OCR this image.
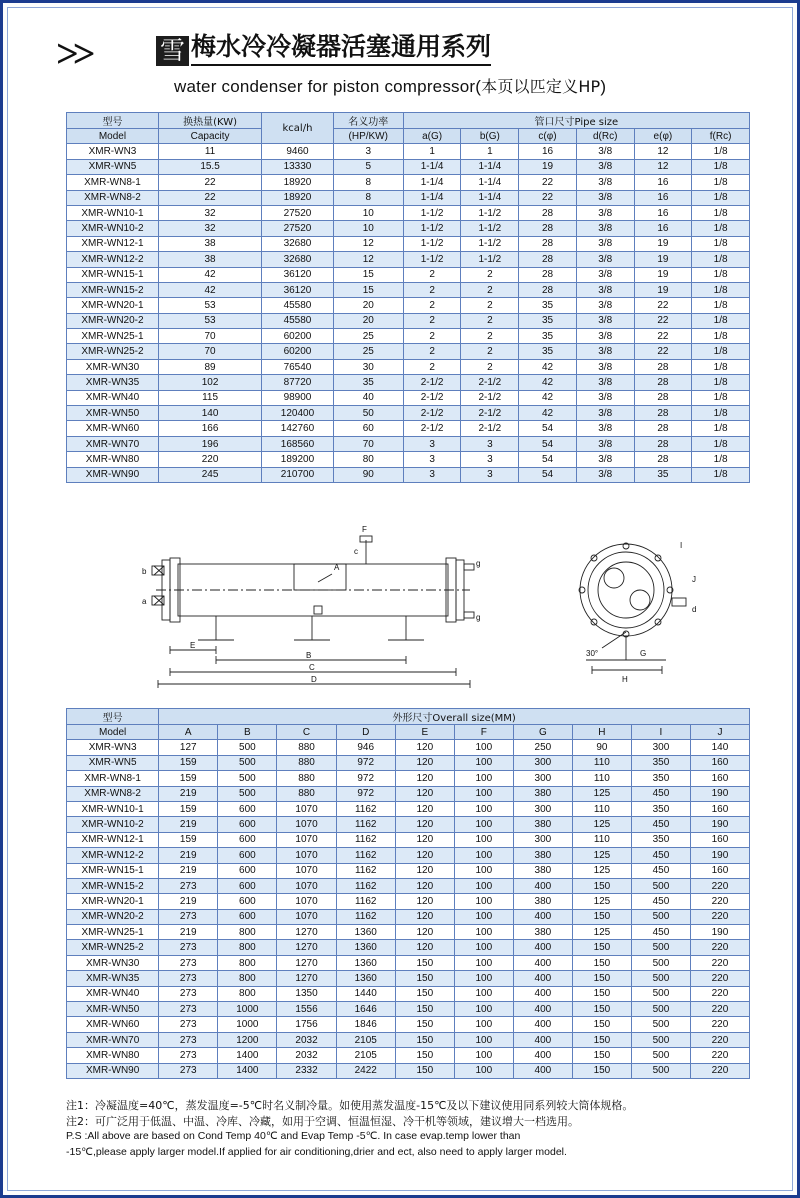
>>	雪 梅水冷冷凝器活塞通用系列
water condenser for piston compressor(本页以匹定义HP)
型号	换热量(KW)	kcal/h	名义功率	管口尺寸Pipe size					
Model	Capacity		(HP/KW)	a(G)	b(G)	c(φ)	d(Rc)	e(φ)	f(Rc)
XMR-WN3	11	9460	3	1	1	16	3/8	12	1/8
XMR-WN5	15.5	13330	5	1-1/4	1-1/4	19	3/8	12	1/8
XMR-WN8-1	22	18920	8	1-1/4	1-1/4	22	3/8	16	1/8
XMR-WN8-2	22	18920	8	1-1/4	1-1/4	22	3/8	16	1/8
XMR-WN10-1	32	27520	10	1-1/2	1-1/2	28	3/8	16	1/8
XMR-WN10-2	32	27520	10	1-1/2	1-1/2	28	3/8	16	1/8
XMR-WN12-1	38	32680	12	1-1/2	1-1/2	28	3/8	19	1/8
XMR-WN12-2	38	32680	12	1-1/2	1-1/2	28	3/8	19	1/8
XMR-WN15-1	42	36120	15	2	2	28	3/8	19	1/8
XMR-WN15-2	42	36120	15	2	2	28	3/8	19	1/8
XMR-WN20-1	53	45580	20	2	2	35	3/8	22	1/8
XMR-WN20-2	53	45580	20	2	2	35	3/8	22	1/8
XMR-WN25-1	70	60200	25	2	2	35	3/8	22	1/8
XMR-WN25-2	70	60200	25	2	2	35	3/8	22	1/8
XMR-WN30	89	76540	30	2	2	42	3/8	28	1/8
XMR-WN35	102	87720	35	2-1/2	2-1/2	42	3/8	28	1/8
XMR-WN40	115	98900	40	2-1/2	2-1/2	42	3/8	28	1/8
XMR-WN50	140	120400	50	2-1/2	2-1/2	42	3/8	28	1/8
XMR-WN60	166	142760	60	2-1/2	2-1/2	54	3/8	28	1/8
XMR-WN70	196	168560	70	3	3	54	3/8	28	1/8
XMR-WN80	220	189200	80	3	3	54	3/8	28	1/8
XMR-WN90	245	210700	90	3	3	54	3/8	35	1/8
F
c
g
g
b
a
A
E
B
C
D
I
J
d
30°	G
H
型号	外形尺寸Overall size(MM)									
Model	A	B	C	D	E	F	G	H	I	J
XMR-WN3	127	500	880	946	120	100	250	90	300	140
XMR-WN5	159	500	880	972	120	100	300	110	350	160
XMR-WN8-1	159	500	880	972	120	100	300	110	350	160
XMR-WN8-2	219	500	880	972	120	100	380	125	450	190
XMR-WN10-1	159	600	1070	1162	120	100	300	110	350	160
XMR-WN10-2	219	600	1070	1162	120	100	380	125	450	190
XMR-WN12-1	159	600	1070	1162	120	100	300	110	350	160
XMR-WN12-2	219	600	1070	1162	120	100	380	125	450	190
XMR-WN15-1	219	600	1070	1162	120	100	380	125	450	160
XMR-WN15-2	273	600	1070	1162	120	100	400	150	500	220
XMR-WN20-1	219	600	1070	1162	120	100	380	125	450	220
XMR-WN20-2	273	600	1070	1162	120	100	400	150	500	220
XMR-WN25-1	219	800	1270	1360	120	100	380	125	450	190
XMR-WN25-2	273	800	1270	1360	120	100	400	150	500	220
XMR-WN30	273	800	1270	1360	150	100	400	150	500	220
XMR-WN35	273	800	1270	1360	150	100	400	150	500	220
XMR-WN40	273	800	1350	1440	150	100	400	150	500	220
XMR-WN50	273	1000	1556	1646	150	100	400	150	500	220
XMR-WN60	273	1000	1756	1846	150	100	400	150	500	220
XMR-WN70	273	1200	2032	2105	150	100	400	150	500	220
XMR-WN80	273	1400	2032	2105	150	100	400	150	500	220
XMR-WN90	273	1400	2332	2422	150	100	400	150	500	220
注1：冷凝温度=40℃，蒸发温度=-5℃时名义制冷量。如使用蒸发温度-15℃及以下建议使用同系列较大筒体规格。
注2：可广泛用于低温、中温、冷库、冷藏，如用于空调、恒温恒湿、冷干机等领域，建议增大一档选用。
P.S :All above are based on Cond Temp 40℃ and Evap Temp -5℃. In case evap.temp lower than
-15℃,please apply larger model.If applied for air conditioning,drier and ect, also need to apply larger model.
